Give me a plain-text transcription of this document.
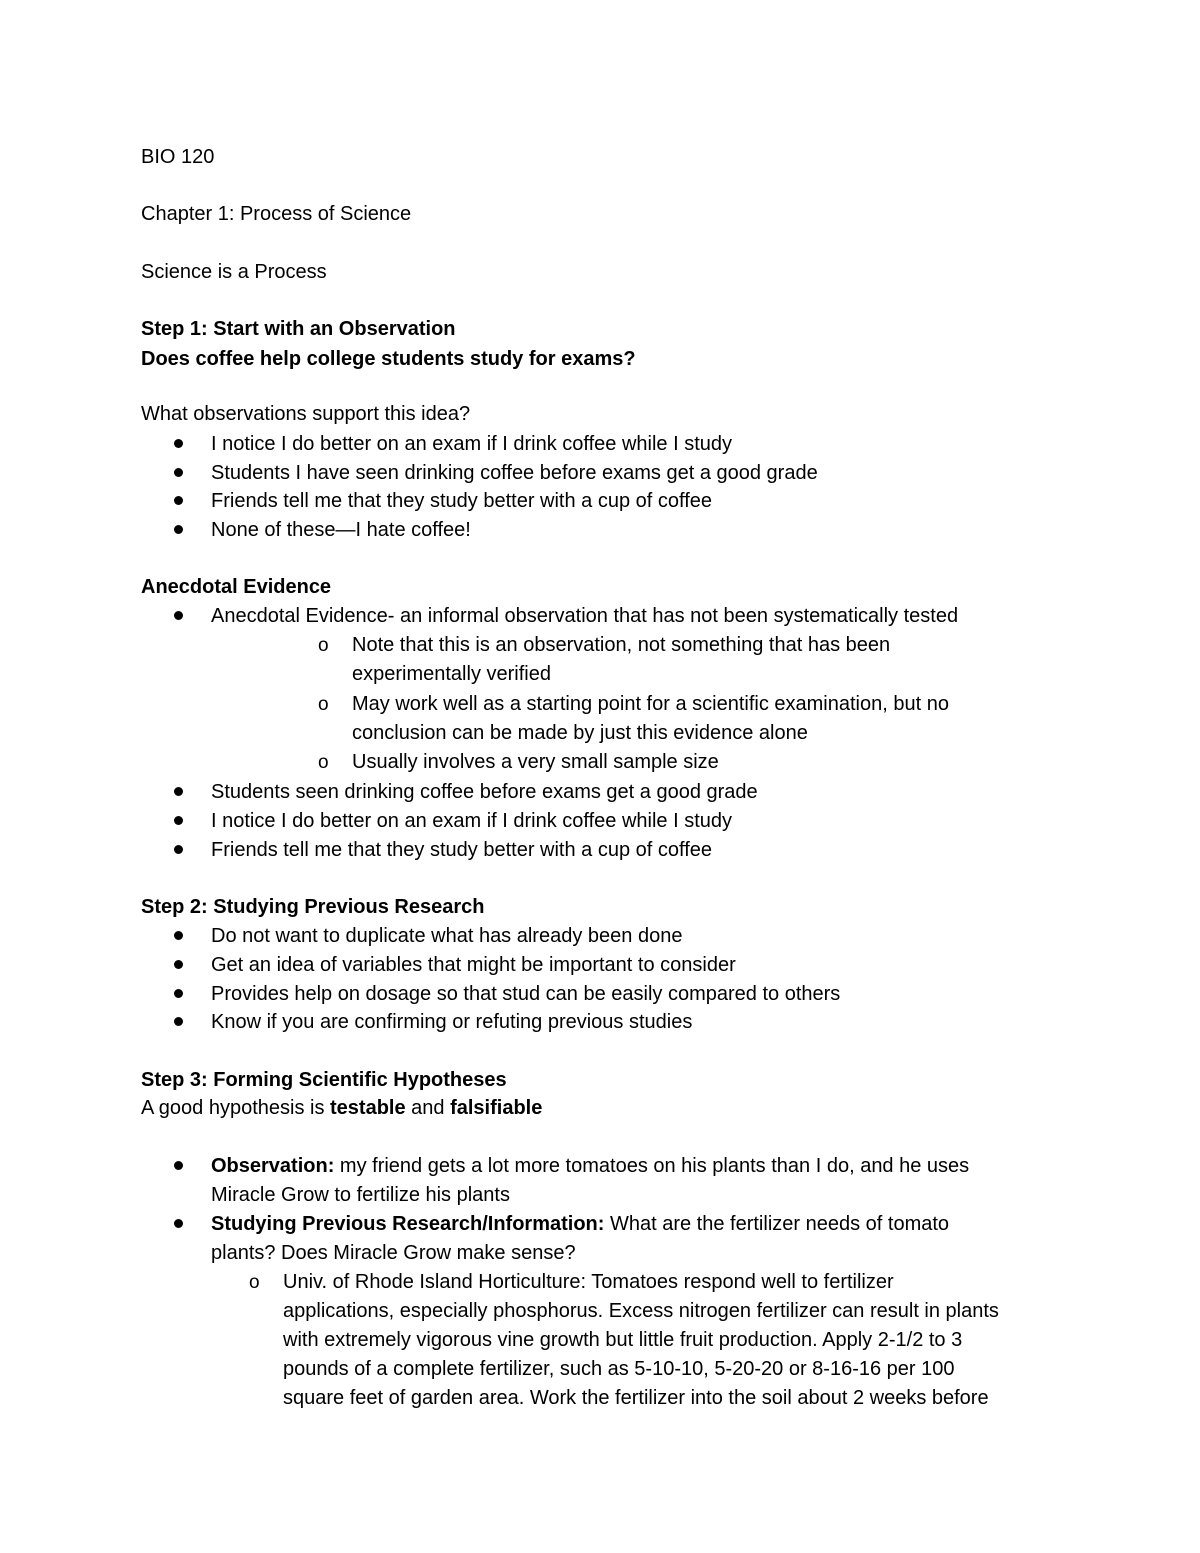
BIO 120
Chapter 1: Process of Science
Science is a Process
Step 1: Start with an Observation
Does coffee help college students study for exams?
What observations support this idea?
I notice I do better on an exam if I drink coffee while I study
Students I have seen drinking coffee before exams get a good grade
Friends tell me that they study better with a cup of coffee
None of these—I hate coffee!
Anecdotal Evidence
Anecdotal Evidence- an informal observation that has not been systematically tested
o Note that this is an observation, not something that has been
experimentally verified
o May work well as a starting point for a scientific examination, but no
conclusion can be made by just this evidence alone
o Usually involves a very small sample size
Students seen drinking coffee before exams get a good grade
I notice I do better on an exam if I drink coffee while I study
Friends tell me that they study better with a cup of coffee
Step 2: Studying Previous Research
Do not want to duplicate what has already been done
Get an idea of variables that might be important to consider
Provides help on dosage so that stud can be easily compared to others
Know if you are confirming or refuting previous studies
Step 3: Forming Scientific Hypotheses
A good hypothesis is testable and falsifiable
Observation: my friend gets a lot more tomatoes on his plants than I do, and he uses
Miracle Grow to fertilize his plants
Studying Previous Research/Information: What are the fertilizer needs of tomato
plants? Does Miracle Grow make sense?
o Univ. of Rhode Island Horticulture: Tomatoes respond well to fertilizer
applications, especially phosphorus. Excess nitrogen fertilizer can result in plants
with extremely vigorous vine growth but little fruit production. Apply 2-1/2 to 3
pounds of a complete fertilizer, such as 5-10-10, 5-20-20 or 8-16-16 per 100
square feet of garden area. Work the fertilizer into the soil about 2 weeks before
